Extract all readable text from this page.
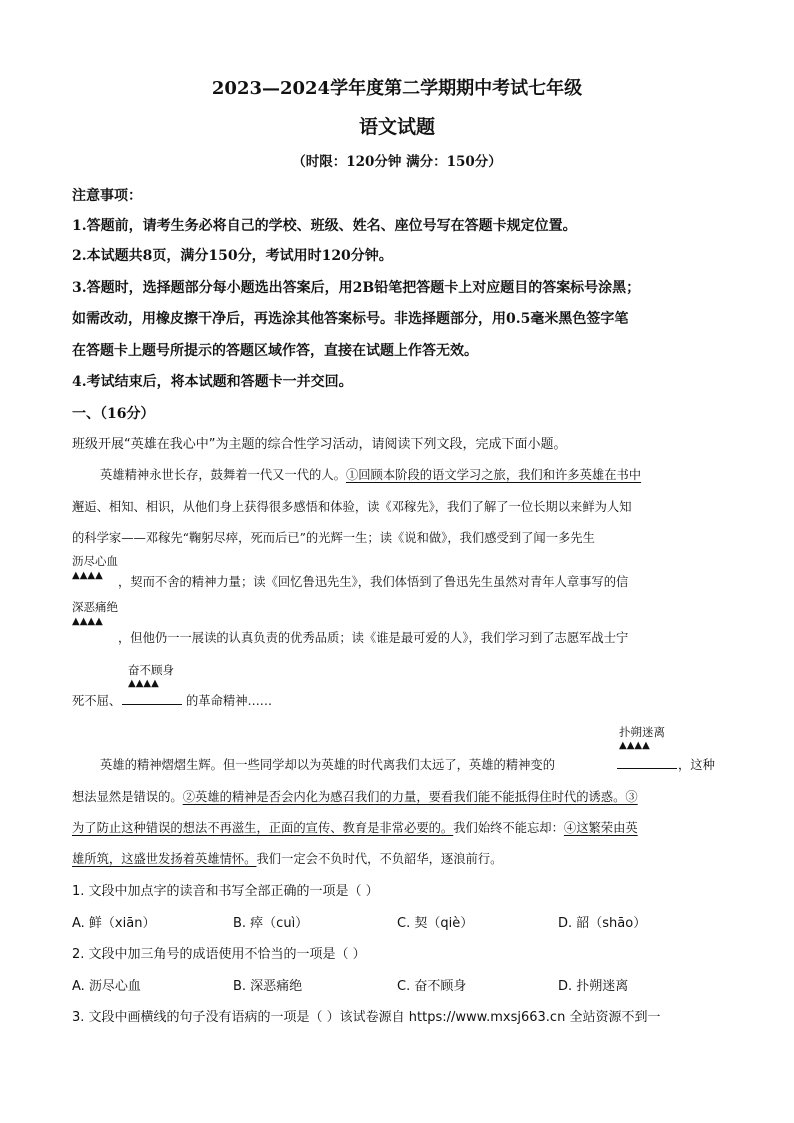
2023—2024学年度第二学期期中考试七年级
语文试题
（时限：120分钟 满分：150分）
注意事项：
1.答题前，请考生务必将自己的学校、班级、姓名、座位号写在答题卡规定位置。
2.本试题共8页，满分150分，考试用时120分钟。
3.答题时，选择题部分每小题选出答案后，用2B铅笔把答题卡上对应题目的答案标号涂黑；
如需改动，用橡皮擦干净后，再选涂其他答案标号。非选择题部分，用0.5毫米黑色签字笔
在答题卡上题号所提示的答题区域作答，直接在试题上作答无效。
4.考试结束后，将本试题和答题卡一并交回。
一、（16分）
班级开展“英雄在我心中”为主题的综合性学习活动，请阅读下列文段，完成下面小题。
英雄精神永世长存，鼓舞着一代又一代的人。①回顾本阶段的语文学习之旅，我们和许多英雄在书中
邂逅、相知、相识，从他们身上获得很多感悟和体验，读《邓稼先》，我们了解了一位长期以来鲜为人知
的科学家——邓稼先“鞠躬尽瘁，死而后已”的光辉一生；读《说和做》，我们感受到了闻一多先生
沥尽心血
▲▲▲▲ ，契而不舍的精神力量；读《回忆鲁迅先生》，我们体悟到了鲁迅先生虽然对青年人章事写的信
深恶痛绝
▲▲▲▲
，但他仍一一展读的认真负责的优秀品质；读《谁是最可爱的人》，我们学习到了志愿军战士宁
奋不顾身
▲▲▲▲
死不屈、	的革命精神……
扑朔迷离
▲▲▲▲
英雄的精神熠熠生辉。但一些同学却以为英雄的时代离我们太远了，英雄的精神变的	，这种
想法显然是错误的。②英雄的精神是否会内化为感召我们的力量，要看我们能不能抵得住时代的诱惑。③
为了防止这种错误的想法不再滋生，正面的宣传、教育是非常必要的。我们始终不能忘却：④这繁荣由英
雄所筑，这盛世发扬着英雄情怀。我们一定会不负时代，不负韶华，逐浪前行。
1. 文段中加点字的读音和书写全部正确的一项是（ ）
A. 鲜（xiān）	B. 瘁（cuì）	C. 契（qiè）	D. 韶（shāo）
2. 文段中加三角号的成语使用不恰当的一项是（ ）
A. 沥尽心血	B. 深恶痛绝	C. 奋不顾身	D. 扑朔迷离
3. 文段中画横线的句子没有语病的一项是（ ）该试卷源自 https://www.mxsj663.cn 全站资源不到一
